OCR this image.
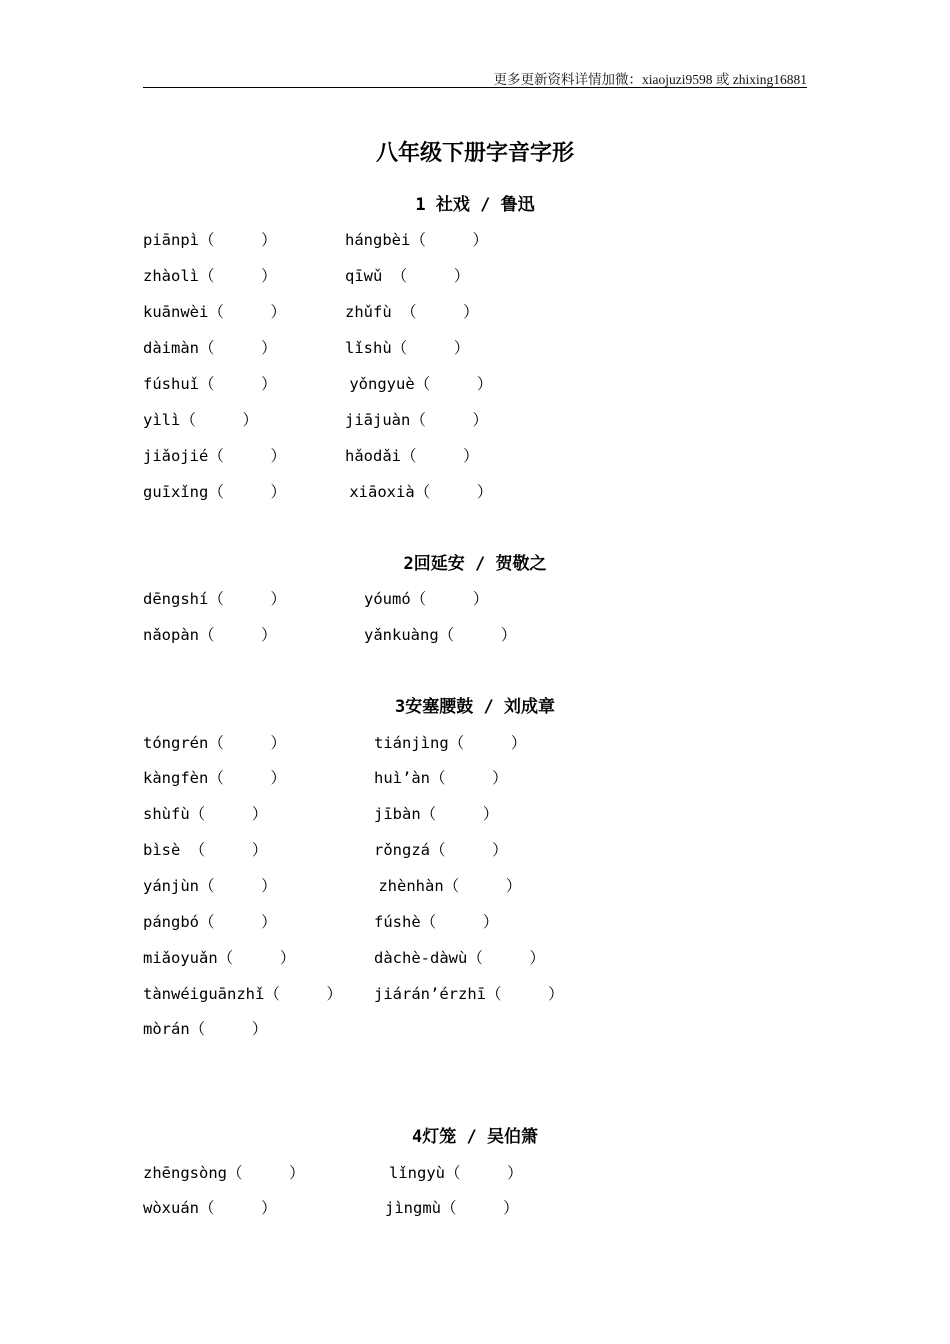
更多更新资料详情加微：xiaojuzi9598 或 zhixing16881
八年级下册字音字形
1 社戏 / 鲁迅
piānpì（     ）	hángbèi（     ）
zhàolì（     ）	qīwǔ （     ）
kuānwèi（     ）	zhǔfù （     ）
dàimàn（     ）	lǐshù（     ）
fúshuǐ（     ）	yǒngyuè（     ）
yìlì（     ）	jiājuàn（     ）
jiǎojié（     ）	hǎodǎi（     ）
guīxǐng（     ）	xiāoxià（     ）
2回延安 / 贺敬之
dēngshí（     ）	yóumó（     ）
nǎopàn（     ）	yǎnkuàng（     ）
3安塞腰鼓 / 刘成章
tóngrén（     ）	tiánjìng（     ）
kàngfèn（     ）	huì’àn（     ）
shùfù（     ）	jībàn（     ）
bìsè （     ）	rǒngzá（     ）
yánjùn（     ）	zhènhàn（     ）
pángbó（     ）	fúshè（     ）
miǎoyuǎn（     ）	dàchè-dàwù（     ）
tànwéiguānzhǐ（     ） jiárán’érzhī（     ）
mòrán（     ）
4灯笼 / 吴伯箫
zhēngsòng（     ）	lǐngyù（     ）
wòxuán（     ）	jìngmù（     ）
